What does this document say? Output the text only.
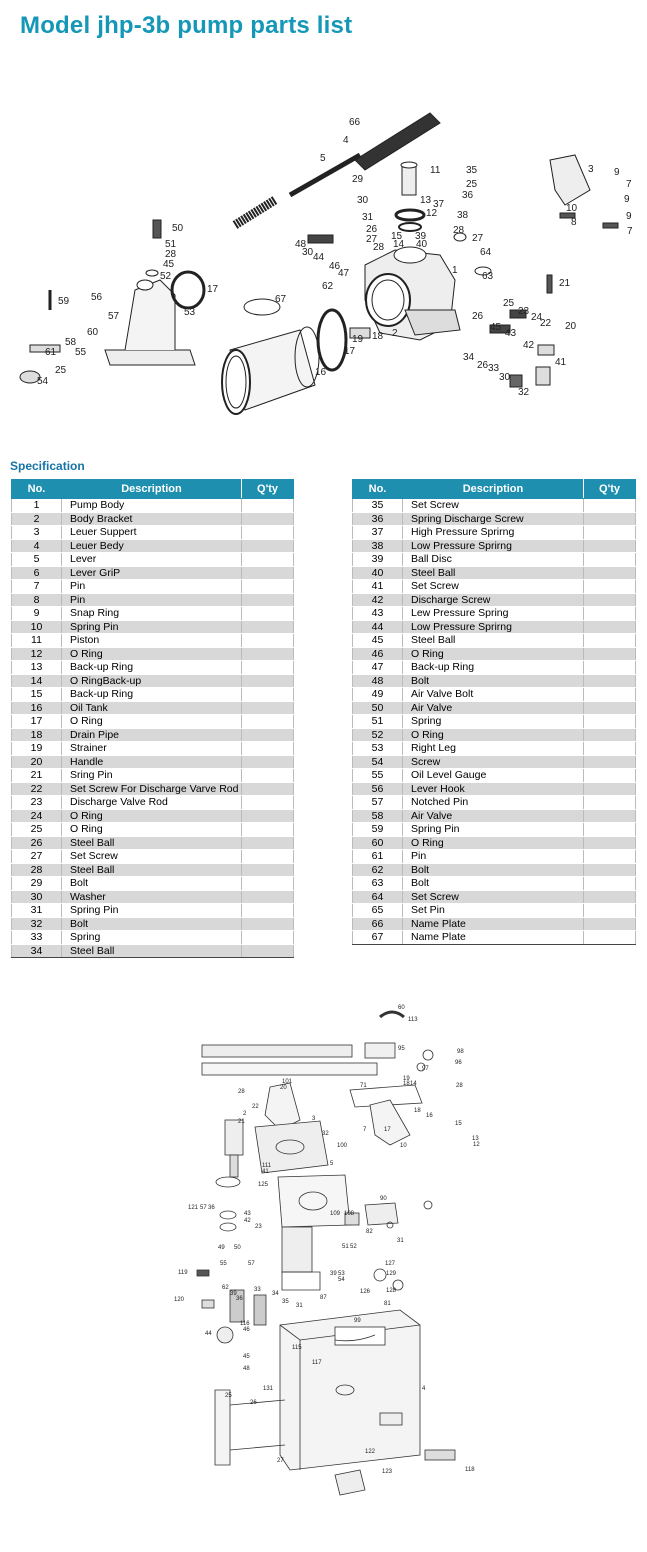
Model jhp-3b pump parts list
66
4
5
11	35
25
36
29
30	13 37
12 38
31
26
27
28
15
14
39
40
28
27
48
30 44
46
47
64
62
63
1
2
50
51
28
45
52
17
53
59 56
57
58
60
61 55
54
25
67
17
18
19
16
3 9
7
10
8
9
9
7
21
25
26
45
43
23
24
42
22 20
34
26 33
30
41
32
Specification
No.	Description	Q'ty
1	Pump Body	
2	Body Bracket	
3	Leuer Suppert	
4	Leuer Bedy	
5	Lever	
6	Lever GriP	
7	Pin	
8	Pin	
9	Snap Ring	
10	Spring Pin	
11	Piston	
12	O Ring	
13	Back-up Ring	
14	O RingBack-up	
15	Back-up Ring	
16	Oil Tank	
17	O Ring	
18	Drain Pipe	
19	Strainer	
20	Handle	
21	Sring Pin	
22	Set Screw For Discharge Varve Rod	
23	Discharge Valve Rod	
24	O Ring	
25	O Ring	
26	Steel Ball	
27	Set Screw	
28	Steel Ball	
29	Bolt	
30	Washer	
31	Spring Pin	
32	Bolt	
33	Spring	
34	Steel Ball	
No.	Description	Q'ty
35	Set Screw	
36	Spring Discharge Screw	
37	High Pressure Sprirng	
38	Low Pressure Sprirng	
39	Ball Disc	
40	Steel Ball	
41	Set Screw	
42	Discharge Screw	
43	Lew Pressure Spring	
44	Low Pressure Sprirng	
45	Steel Ball	
46	O Ring	
47	Back-up Ring	
48	Bolt	
49	Air Valve Bolt	
50	Air Valve	
51	Spring	
52	O Ring	
53	Right Leg	
54	Screw	
55	Oil Level Gauge	
56	Lever Hook	
57	Notched Pin	
58	Air Valve	
59	Spring Pin	
60	O Ring	
61	Pin	
62	Bolt	
63	Bolt	
64	Set Screw	
65	Set Pin	
66	Name Plate	
67	Name Plate	
60
113
95	98
96
97
19
18 14
101
20
22
28
21
28
71
2
3
32
7
100
111	5
17
18
16
15
13
12
10
125
41
43
42
23
90
121 57 36
109 108
31
82
49 50	51 52
127
129
119	39
55	57
53
54
128
81
126
120
62
39
33
34
35
36
31
87
116	99
44
46
45
48
115
117
25
131
26
27
122
123
4
118
